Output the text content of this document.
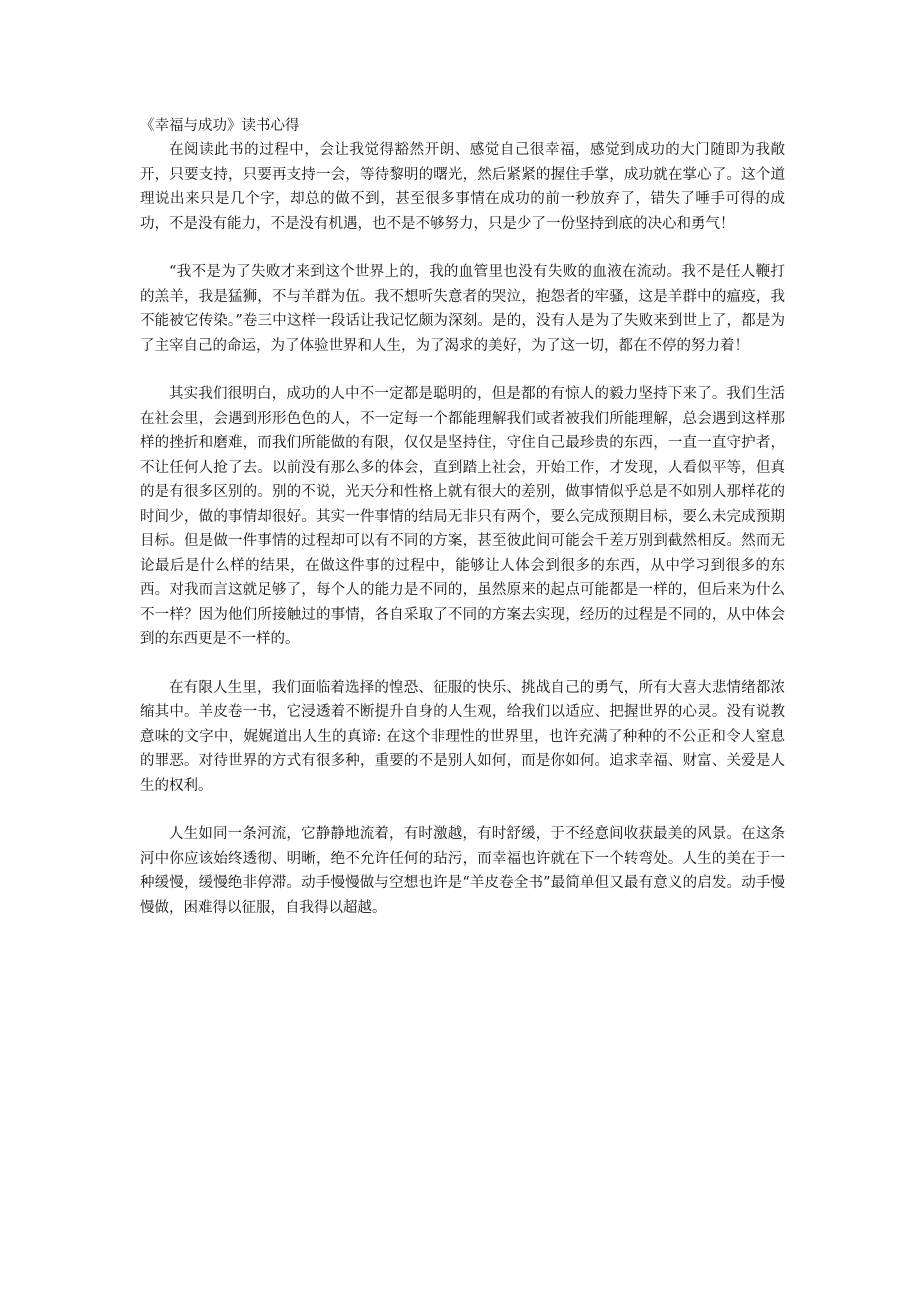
《幸福与成功》读书心得

在阅读此书的过程中，会让我觉得豁然开朗、感觉自己很幸福，感觉到成功的大门随即为我敞开，只要支持，只要再支持一会，等待黎明的曙光，然后紧紧的握住手掌，成功就在掌心了。这个道理说出来只是几个字，却总的做不到，甚至很多事情在成功的前一秒放弃了，错失了唾手可得的成功，不是没有能力，不是没有机遇，也不是不够努力，只是少了一份坚持到底的决心和勇气！

“我不是为了失败才来到这个世界上的，我的血管里也没有失败的血液在流动。我不是任人鞭打的羔羊，我是猛狮，不与羊群为伍。我不想听失意者的哭泣，抱怨者的牢骚，这是羊群中的瘟疫，我不能被它传染。”卷三中这样一段话让我记忆颇为深刻。是的，没有人是为了失败来到世上了，都是为了主宰自己的命运，为了体验世界和人生，为了渴求的美好，为了这一切，都在不停的努力着！

其实我们很明白，成功的人中不一定都是聪明的，但是都的有惊人的毅力坚持下来了。我们生活在社会里，会遇到形形色色的人，不一定每一个都能理解我们或者被我们所能理解，总会遇到这样那样的挫折和磨难，而我们所能做的有限，仅仅是坚持住，守住自己最珍贵的东西，一直一直守护者，不让任何人抢了去。以前没有那么多的体会，直到踏上社会，开始工作，才发现，人看似平等，但真的是有很多区别的。别的不说，光天分和性格上就有很大的差别，做事情似乎总是不如别人那样花的时间少，做的事情却很好。其实一件事情的结局无非只有两个，要么完成预期目标，要么未完成预期目标。但是做一件事情的过程却可以有不同的方案，甚至彼此间可能会千差万别到截然相反。然而无论最后是什么样的结果，在做这件事的过程中，能够让人体会到很多的东西，从中学习到很多的东西。对我而言这就足够了，每个人的能力是不同的，虽然原来的起点可能都是一样的，但后来为什么不一样？因为他们所接触过的事情，各自采取了不同的方案去实现，经历的过程是不同的，从中体会到的东西更是不一样的。

在有限人生里，我们面临着选择的惶恐、征服的快乐、挑战自己的勇气，所有大喜大悲情绪都浓缩其中。羊皮卷一书，它浸透着不断提升自身的人生观，给我们以适应、把握世界的心灵。没有说教意味的文字中，娓娓道出人生的真谛: 在这个非理性的世界里，也许充满了种种的不公正和令人窒息的罪恶。对待世界的方式有很多种，重要的不是别人如何，而是你如何。追求幸福、财富、关爱是人生的权利。

人生如同一条河流，它静静地流着，有时激越，有时舒缓，于不经意间收获最美的风景。在这条河中你应该始终透彻、明晰，绝不允许任何的玷污，而幸福也许就在下一个转弯处。人生的美在于一种缓慢，缓慢绝非停滞。动手慢慢做与空想也许是“羊皮卷全书”最简单但又最有意义的启发。动手慢慢做，困难得以征服，自我得以超越。
